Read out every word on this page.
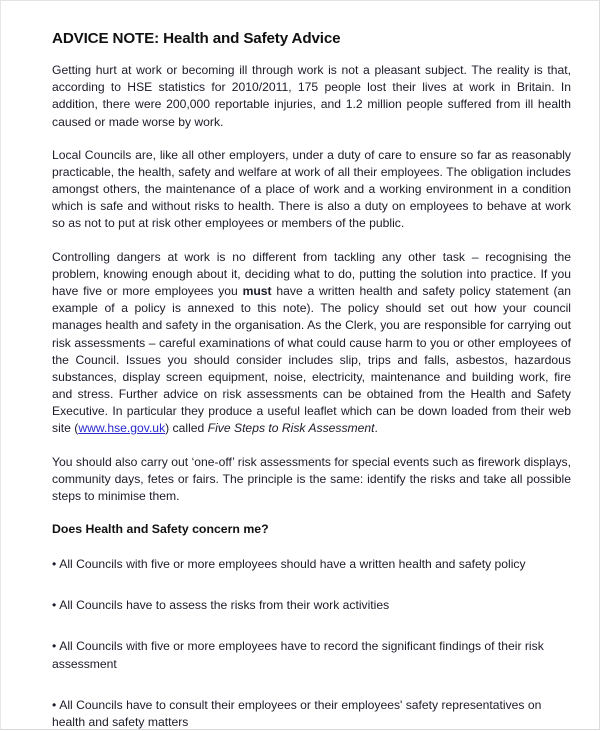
ADVICE NOTE: Health and Safety Advice

Getting hurt at work or becoming ill through work is not a pleasant subject. The reality is that, according to HSE statistics for 2010/2011, 175 people lost their lives at work in Britain. In addition, there were 200,000 reportable injuries, and 1.2 million people suffered from ill health caused or made worse by work.

Local Councils are, like all other employers, under a duty of care to ensure so far as reasonably practicable, the health, safety and welfare at work of all their employees. The obligation includes amongst others, the maintenance of a place of work and a working environment in a condition which is safe and without risks to health. There is also a duty on employees to behave at work so as not to put at risk other employees or members of the public.

Controlling dangers at work is no different from tackling any other task – recognising the problem, knowing enough about it, deciding what to do, putting the solution into practice. If you have five or more employees you must have a written health and safety policy statement (an example of a policy is annexed to this note). The policy should set out how your council manages health and safety in the organisation. As the Clerk, you are responsible for carrying out risk assessments – careful examinations of what could cause harm to you or other employees of the Council. Issues you should consider includes slip, trips and falls, asbestos, hazardous substances, display screen equipment, noise, electricity, maintenance and building work, fire and stress. Further advice on risk assessments can be obtained from the Health and Safety Executive. In particular they produce a useful leaflet which can be down loaded from their web site (www.hse.gov.uk) called Five Steps to Risk Assessment.

You should also carry out ‘one-off’ risk assessments for special events such as firework displays, community days, fetes or fairs. The principle is the same: identify the risks and take all possible steps to minimise them.

Does Health and Safety concern me?

• All Councils with five or more employees should have a written health and safety policy

• All Councils have to assess the risks from their work activities

• All Councils with five or more employees have to record the significant findings of their risk assessment

• All Councils have to consult their employees or their employees' safety representatives on health and safety matters
